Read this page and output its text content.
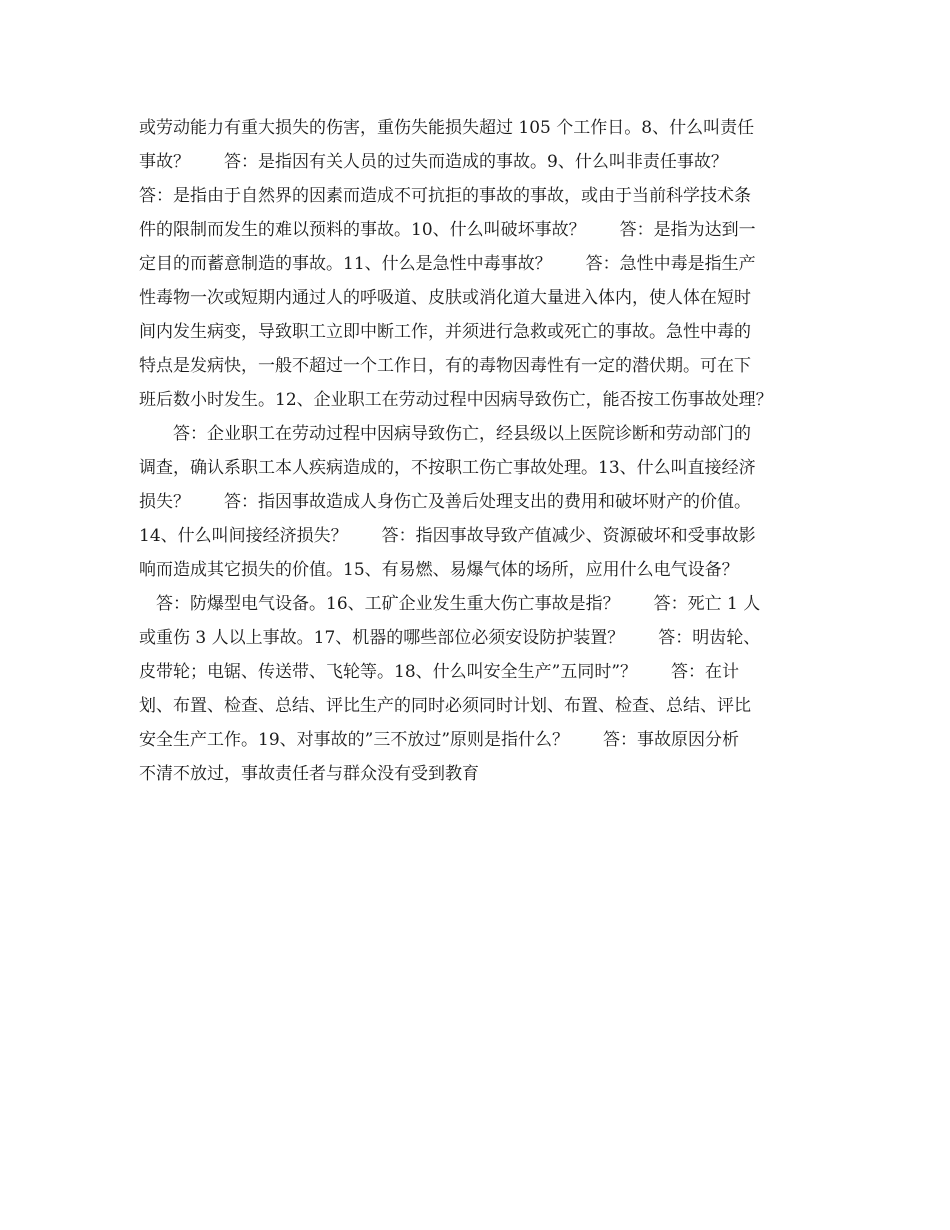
或劳动能力有重大损失的伤害，重伤失能损失超过 105 个工作日。8、什么叫责任
事故？　　答：是指因有关人员的过失而造成的事故。9、什么叫非责任事故？
答：是指由于自然界的因素而造成不可抗拒的事故的事故，或由于当前科学技术条
件的限制而发生的难以预料的事故。10、什么叫破坏事故？　　答：是指为达到一
定目的而蓄意制造的事故。11、什么是急性中毒事故？　　答：急性中毒是指生产
性毒物一次或短期内通过人的呼吸道、皮肤或消化道大量进入体内，使人体在短时
间内发生病变，导致职工立即中断工作，并须进行急救或死亡的事故。急性中毒的
特点是发病快，一般不超过一个工作日，有的毒物因毒性有一定的潜伏期。可在下
班后数小时发生。12、企业职工在劳动过程中因病导致伤亡，能否按工伤事故处理？
　　答：企业职工在劳动过程中因病导致伤亡，经县级以上医院诊断和劳动部门的
调查，确认系职工本人疾病造成的，不按职工伤亡事故处理。13、什么叫直接经济
损失？　　答：指因事故造成人身伤亡及善后处理支出的费用和破坏财产的价值。
14、什么叫间接经济损失？　　答：指因事故导致产值减少、资源破坏和受事故影
响而造成其它损失的价值。15、有易燃、易爆气体的场所，应用什么电气设备？
　答：防爆型电气设备。16、工矿企业发生重大伤亡事故是指？　　答：死亡 1 人
或重伤 3 人以上事故。17、机器的哪些部位必须安设防护装置？　　答：明齿轮、
皮带轮；电锯、传送带、飞轮等。18、什么叫安全生产”五同时”？　　答：在计
划、布置、检查、总结、评比生产的同时必须同时计划、布置、检查、总结、评比
安全生产工作。19、对事故的”三不放过”原则是指什么？　　答：事故原因分析
不清不放过，事故责任者与群众没有受到教育
